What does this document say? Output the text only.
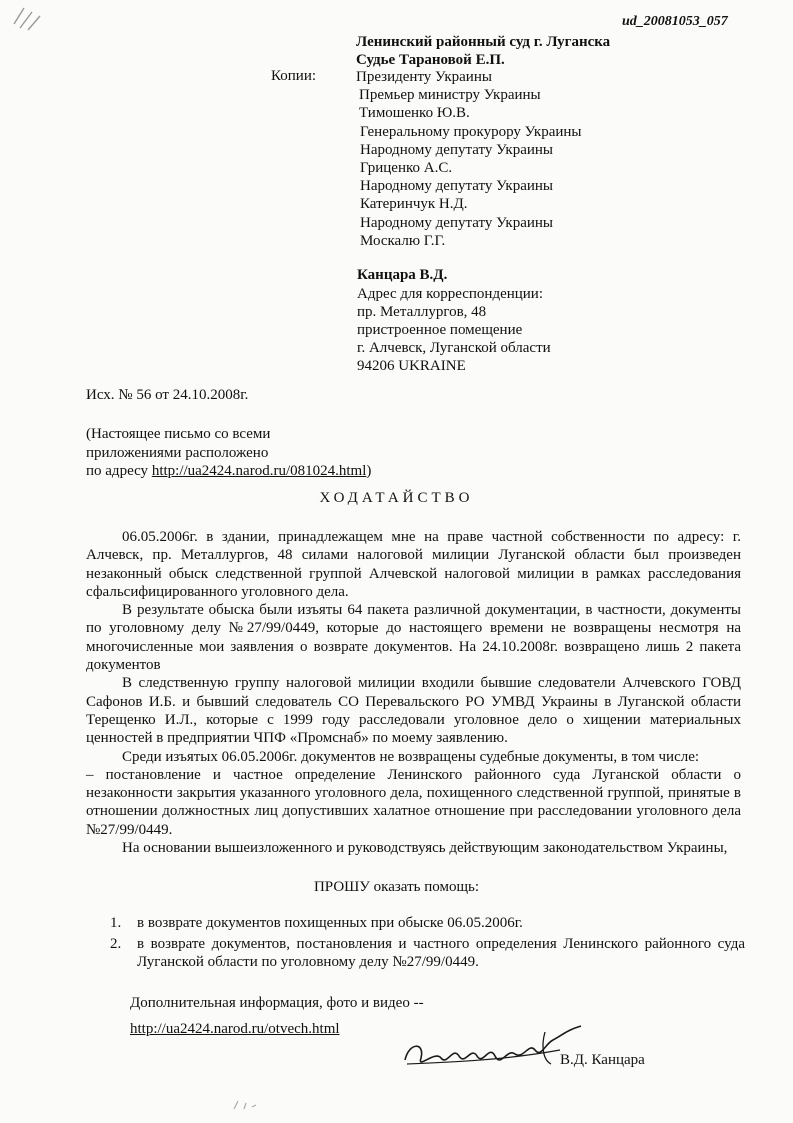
ud_20081053_057
Ленинский районный суд г. Луганска
Судье Тарановой Е.П.
Копии:	Президенту Украины
Премьер министру Украины
Тимошенко Ю.В.
Генеральному прокурору Украины
Народному депутату Украины
Гриценко А.С.
Народному депутату Украины
Катеринчук Н.Д.
Народному депутату Украины
Москалю Г.Г.
Канцара В.Д.
Адрес для корреспонденции:
пр. Металлургов, 48
пристроенное помещение
г. Алчевск, Луганской области
94206 UKRAINE
Исх. № 56 от 24.10.2008г.
(Настоящее письмо со всеми
приложениями расположено
по адресу http://ua2424.narod.ru/081024.html)
ХОДАТАЙСТВО

06.05.2006г. в здании, принадлежащем мне на праве частной собственности по адресу: г. Алчевск, пр. Металлургов, 48 силами налоговой милиции Луганской области был произведен незаконный обыск следственной группой Алчевской налоговой милиции в рамках расследования сфальсифицированного уголовного дела.

В результате обыска были изъяты 64 пакета различной документации, в частности, документы по уголовному делу №27/99/0449, которые до настоящего времени не возвращены несмотря на многочисленные мои заявления о возврате документов. На 24.10.2008г. возвращено лишь 2 пакета документов

В следственную группу налоговой милиции входили бывшие следователи Алчевского ГОВД Сафонов И.Б. и бывший следователь СО Перевальского РО УМВД Украины в Луганской области Терещенко И.Л., которые с 1999 году расследовали уголовное дело о хищении материальных ценностей в предприятии ЧПФ «Промснаб» по моему заявлению.

Среди изъятых 06.05.2006г. документов не возвращены судебные документы, в том числе:

– постановление и частное определение Ленинского районного суда Луганской области о незаконности закрытия указанного уголовного дела, похищенного следственной группой, принятые в отношении должностных лиц допустивших халатное отношение при расследовании уголовного дела №27/99/0449.

На основании вышеизложенного и руководствуясь действующим законодательством Украины,

ПРОШУ оказать помощь:
1. в возврате документов похищенных при обыске 06.05.2006г.
2. в возврате документов, постановления и частного определения Ленинского районного суда Луганской области по уголовному делу №27/99/0449.
Дополнительная информация, фото и видео --
http://ua2424.narod.ru/otvech.html
В.Д. Канцара
